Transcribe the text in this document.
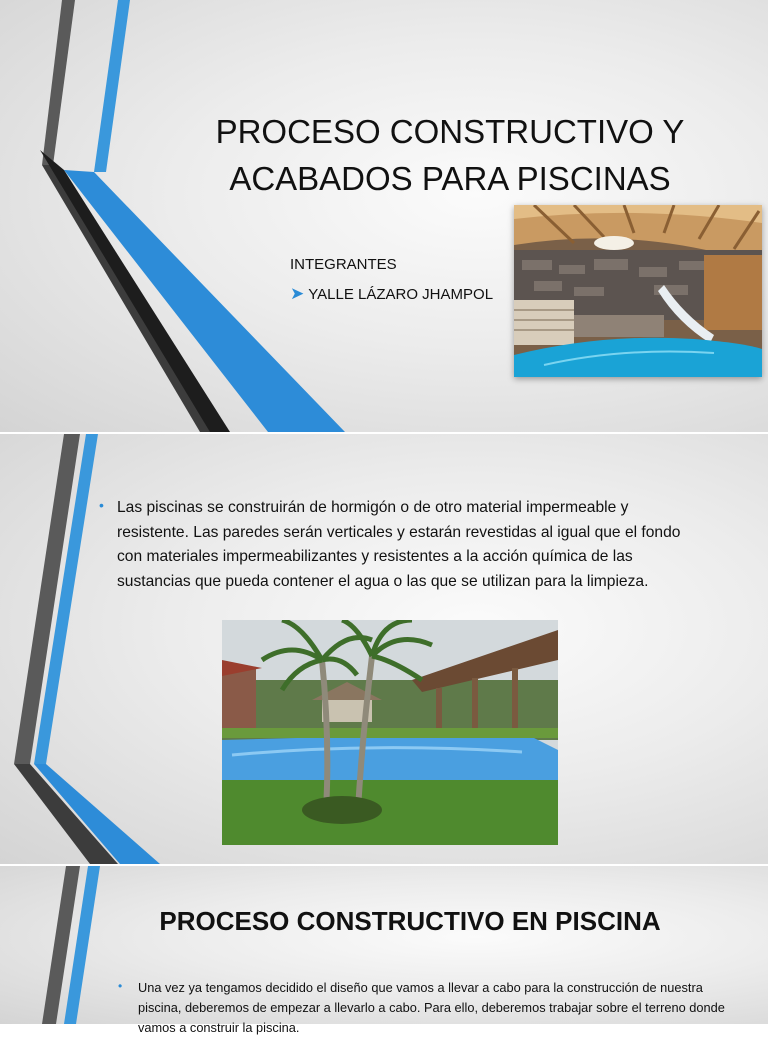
PROCESO CONSTRUCTIVO Y
ACABADOS PARA PISCINAS
INTEGRANTES
➤ YALLE LÁZARO JHAMPOL
• Las piscinas se construirán de hormigón o de otro material impermeable y resistente. Las paredes serán verticales y estarán revestidas al igual que el fondo con materiales impermeabilizantes y resistentes a la acción química de las sustancias que pueda contener el agua o las que se utilizan para la limpieza.
PROCESO CONSTRUCTIVO EN PISCINA
• Una vez ya tengamos decidido el diseño que vamos a llevar a cabo para la construcción de nuestra piscina, deberemos de empezar a llevarlo a cabo. Para ello, deberemos trabajar sobre el terreno donde vamos a construir la piscina.
